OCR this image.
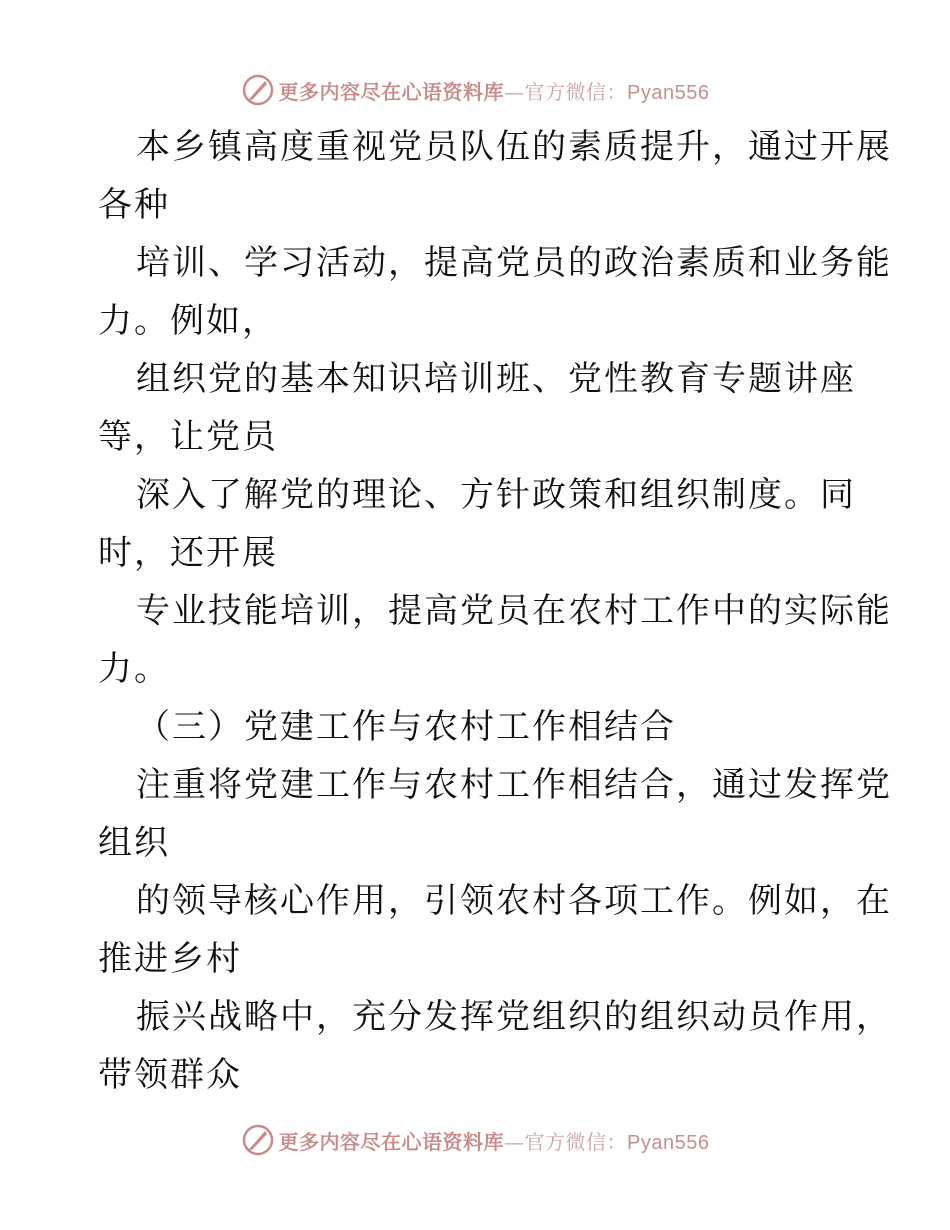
更多内容尽在心语资料库—官方微信：Pyan556
本乡镇高度重视党员队伍的素质提升，通过开展
各种
培训、学习活动，提高党员的政治素质和业务能
力。例如，
组织党的基本知识培训班、党性教育专题讲座
等，让党员
深入了解党的理论、方针政策和组织制度。同
时，还开展
专业技能培训，提高党员在农村工作中的实际能
力。
（三）党建工作与农村工作相结合
注重将党建工作与农村工作相结合，通过发挥党
组织
的领导核心作用，引领农村各项工作。例如，在
推进乡村
振兴战略中，充分发挥党组织的组织动员作用，
带领群众
更多内容尽在心语资料库—官方微信：Pyan556
